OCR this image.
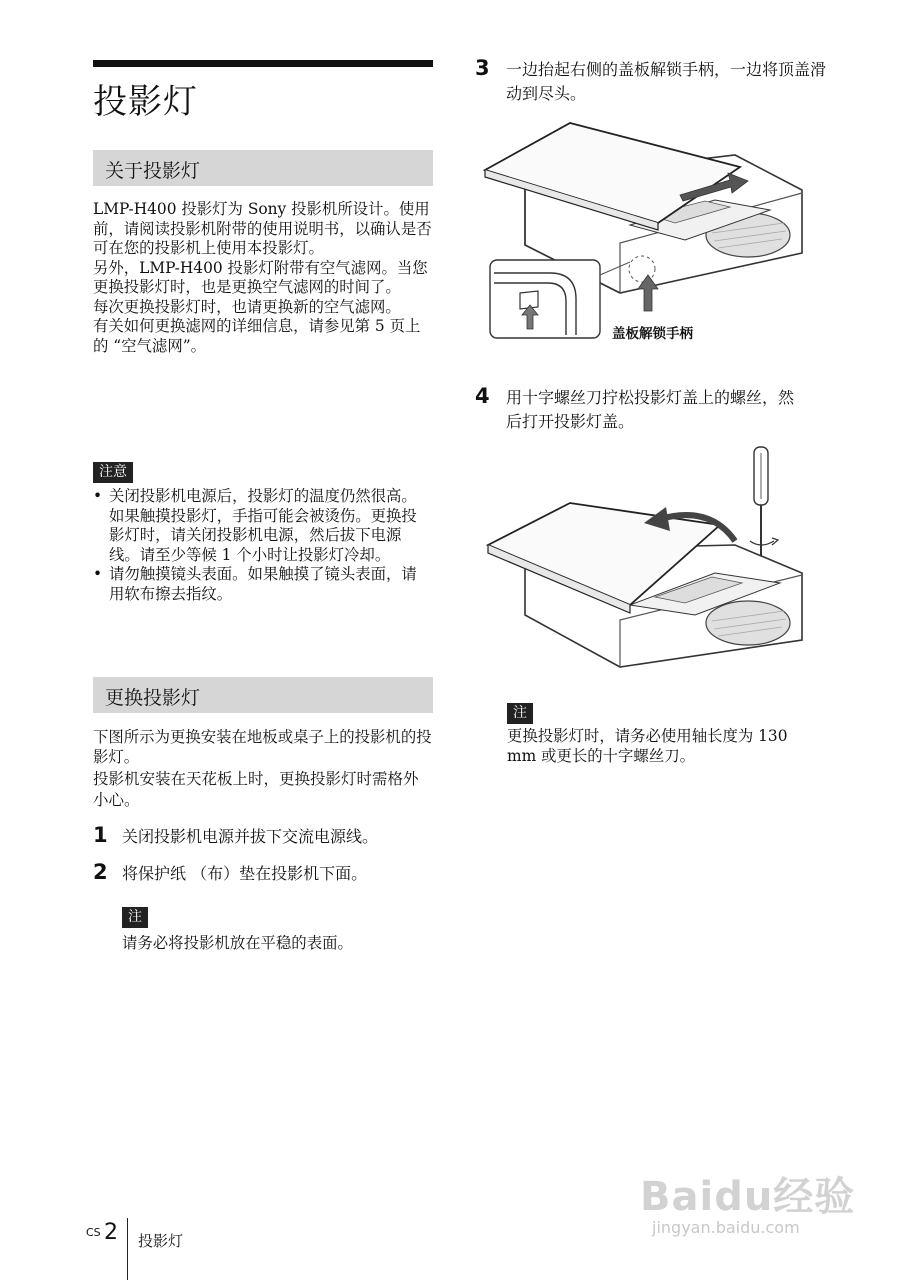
投影灯
关于投影灯

LMP-H400 投影灯为 Sony 投影机所设计。使用前，请阅读投影机附带的使用说明书，以确认是否可在您的投影机上使用本投影灯。

另外，LMP-H400 投影灯附带有空气滤网。当您更换投影灯时，也是更换空气滤网的时间了。

每次更换投影灯时，也请更换新的空气滤网。

有关如何更换滤网的详细信息，请参见第 5 页上的 “空气滤网”。

注意

• 关闭投影机电源后，投影灯的温度仍然很高。如果触摸投影灯，手指可能会被烫伤。更换投影灯时，请关闭投影机电源，然后拔下电源线。请至少等候 1 个小时让投影灯冷却。

• 请勿触摸镜头表面。如果触摸了镜头表面，请用软布擦去指纹。

更换投影灯
下图所示为更换安装在地板或桌子上的投影机的投影灯。
投影机安装在天花板上时，更换投影灯时需格外小心。
1 关闭投影机电源并拔下交流电源线。
2 将保护纸 （布）垫在投影机下面。
注
请务必将投影机放在平稳的表面。
3 一边抬起右侧的盖板解锁手柄，一边将顶盖滑动到尽头。
盖板解锁手柄
4 用十字螺丝刀拧松投影灯盖上的螺丝，然后打开投影灯盖。
注
更换投影灯时，请务必使用轴长度为 130 mm 或更长的十字螺丝刀。
Baidu经验
jingyan.baidu.com
CS 2 投影灯
